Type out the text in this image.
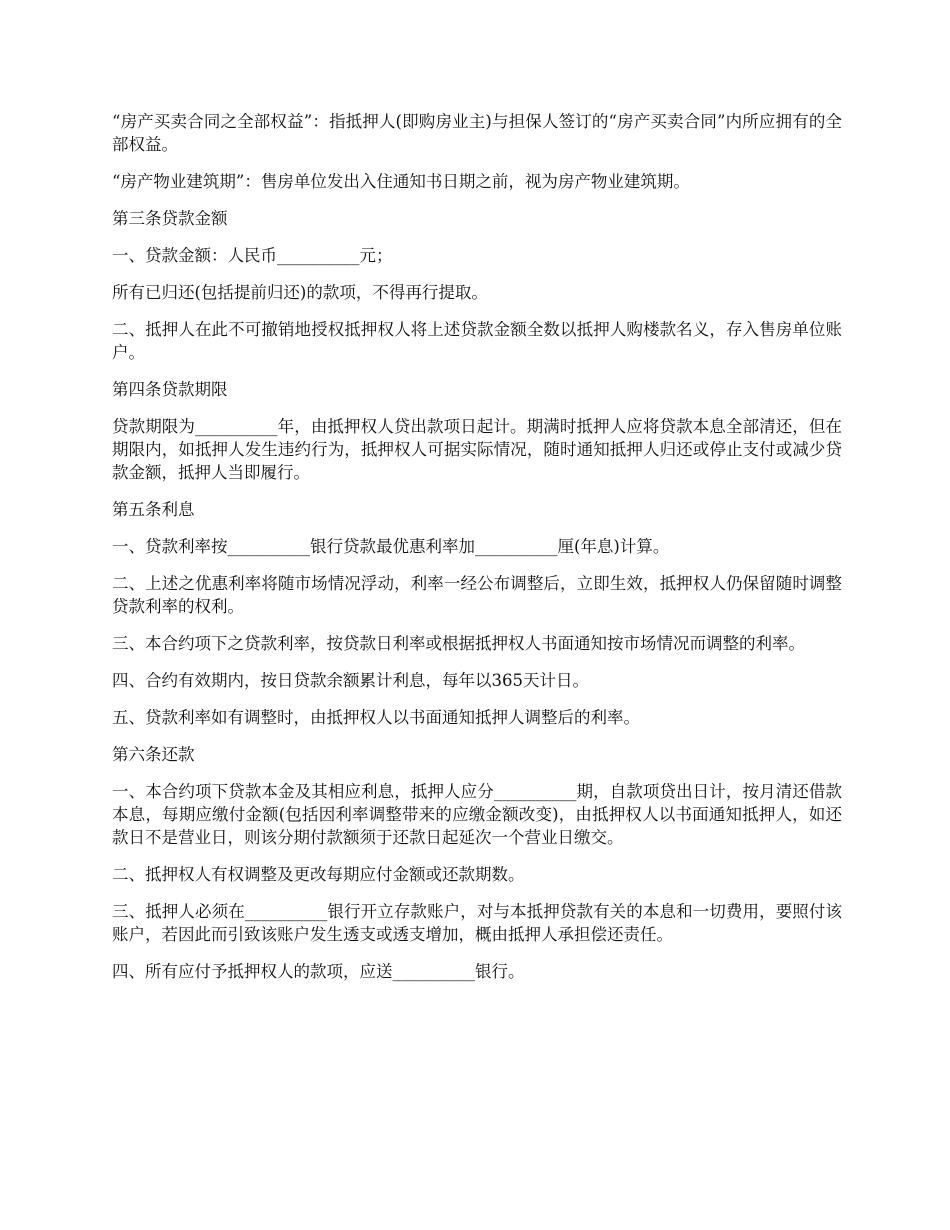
“房产买卖合同之全部权益”：指抵押人(即购房业主)与担保人签订的“房产买卖合同”内所应拥有的全部权益。

“房产物业建筑期”：售房单位发出入住通知书日期之前，视为房产物业建筑期。

第三条贷款金额

一、贷款金额：人民币__________元；

所有已归还(包括提前归还)的款项，不得再行提取。

二、抵押人在此不可撤销地授权抵押权人将上述贷款金额全数以抵押人购楼款名义，存入售房单位账户。

第四条贷款期限

贷款期限为__________年，由抵押权人贷出款项日起计。期满时抵押人应将贷款本息全部清还，但在期限内，如抵押人发生违约行为，抵押权人可据实际情况，随时通知抵押人归还或停止支付或减少贷款金额，抵押人当即履行。

第五条利息

一、贷款利率按__________银行贷款最优惠利率加__________厘(年息)计算。

二、上述之优惠利率将随市场情况浮动，利率一经公布调整后，立即生效，抵押权人仍保留随时调整贷款利率的权利。

三、本合约项下之贷款利率，按贷款日利率或根据抵押权人书面通知按市场情况而调整的利率。

四、合约有效期内，按日贷款余额累计利息，每年以365天计日。

五、贷款利率如有调整时，由抵押权人以书面通知抵押人调整后的利率。

第六条还款

一、本合约项下贷款本金及其相应利息，抵押人应分__________期，自款项贷出日计，按月清还借款本息，每期应缴付金额(包括因利率调整带来的应缴金额改变)，由抵押权人以书面通知抵押人，如还款日不是营业日，则该分期付款额须于还款日起延次一个营业日缴交。

二、抵押权人有权调整及更改每期应付金额或还款期数。

三、抵押人必须在__________银行开立存款账户，对与本抵押贷款有关的本息和一切费用，要照付该账户，若因此而引致该账户发生透支或透支增加，概由抵押人承担偿还责任。

四、所有应付予抵押权人的款项，应送__________银行。
